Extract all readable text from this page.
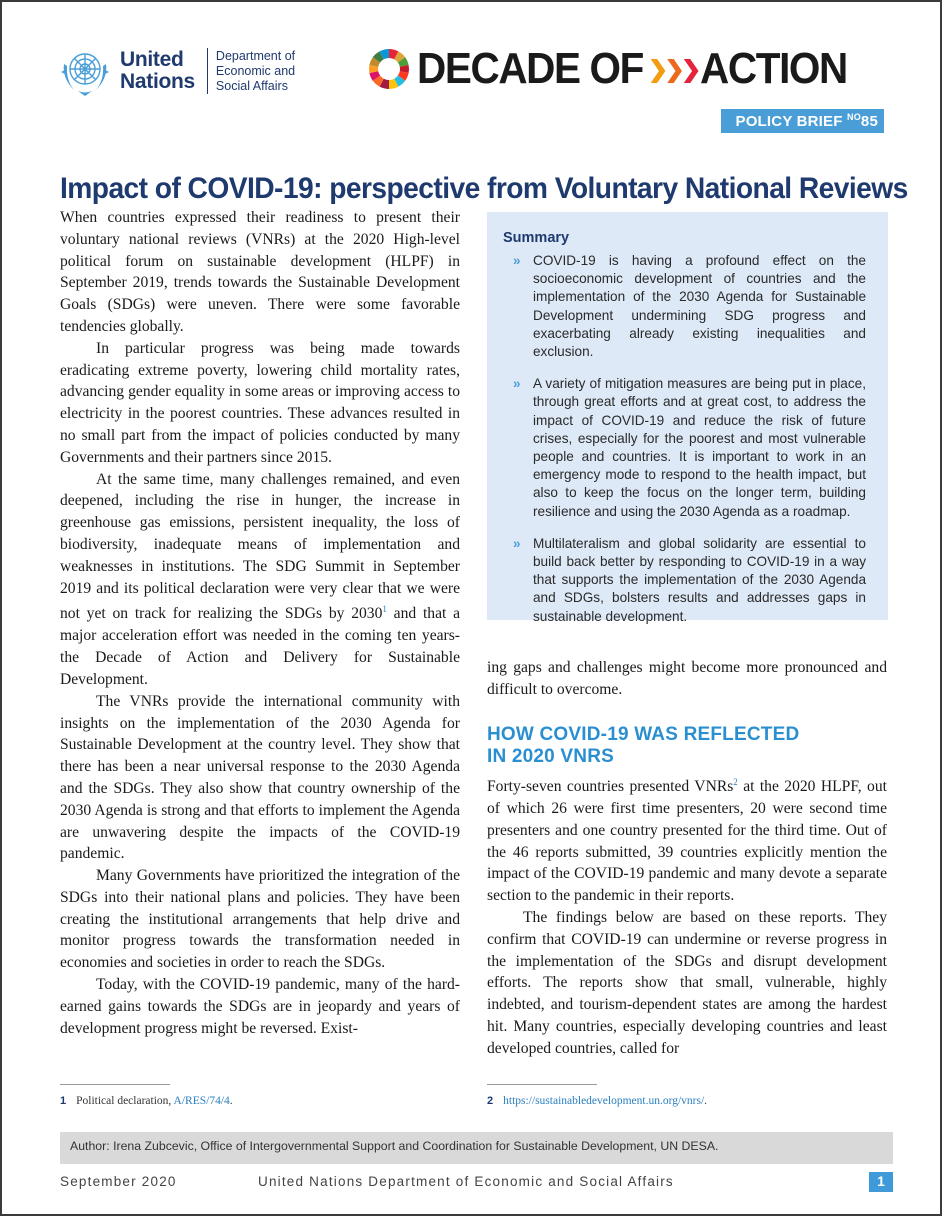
United
Nations
Department of
Economic and
Social Affairs	DECADE OF ACTION
POLICY BRIEF $^{NO}$85
Impact of COVID-19: perspective from Voluntary National Reviews

When countries expressed their readiness to present their voluntary national reviews (VNRs) at the 2020 High-level political forum on sustainable development (HLPF) in September 2019, trends towards the Sustainable Development Goals (SDGs) were uneven. There were some favorable tendencies globally.

In particular progress was being made towards eradicating extreme poverty, lowering child mortality rates, advancing gender equality in some areas or improving access to electricity in the poorest countries. These advances resulted in no small part from the impact of policies conducted by many Governments and their partners since 2015.

At the same time, many challenges remained, and even deepened, including the rise in hunger, the increase in greenhouse gas emissions, persistent inequality, the loss of biodiversity, inadequate means of implementation and weaknesses in institutions. The SDG Summit in September 2019 and its political declaration were very clear that we were not yet on track for realizing the SDGs by 2030$^1$ and that a major acceleration effort was needed in the coming ten years-the Decade of Action and Delivery for Sustainable Development.

The VNRs provide the international community with insights on the implementation of the 2030 Agenda for Sustainable Development at the country level. They show that there has been a near universal response to the 2030 Agenda and the SDGs. They also show that country ownership of the 2030 Agenda is strong and that efforts to implement the Agenda are unwavering despite the impacts of the COVID-19 pandemic.

Many Governments have prioritized the integration of the SDGs into their national plans and policies. They have been creating the institutional arrangements that help drive and monitor progress towards the transformation needed in economies and societies in order to reach the SDGs.

Today, with the COVID-19 pandemic, many of the hard-earned gains towards the SDGs are in jeopardy and years of development progress might be reversed. Exist-

Summary
» COVID-19 is having a profound effect on the socioeconomic development of countries and the implementation of the 2030 Agenda for Sustainable Development undermining SDG progress and exacerbating already existing inequalities and exclusion.
» A variety of mitigation measures are being put in place, through great efforts and at great cost, to address the impact of COVID-19 and reduce the risk of future crises, especially for the poorest and most vulnerable people and countries. It is important to work in an emergency mode to respond to the health impact, but also to keep the focus on the longer term, building resilience and using the 2030 Agenda as a roadmap.
» Multilateralism and global solidarity are essential to build back better by responding to COVID-19 in a way that supports the implementation of the 2030 Agenda and SDGs, bolsters results and addresses gaps in sustainable development.

ing gaps and challenges might become more pronounced and difficult to overcome.

HOW COVID-19 WAS REFLECTED
IN 2020 VNRS

Forty-seven countries presented VNRs$^2$ at the 2020 HLPF, out of which 26 were first time presenters, 20 were second time presenters and one country presented for the third time. Out of the 46 reports submitted, 39 countries explicitly mention the impact of the COVID-19 pandemic and many devote a separate section to the pandemic in their reports.

The findings below are based on these reports. They confirm that COVID-19 can undermine or reverse progress in the implementation of the SDGs and disrupt development efforts. The reports show that small, vulnerable, highly indebted, and tourism-dependent states are among the hardest hit. Many countries, especially developing countries and least developed countries, called for

1 Political declaration, A/RES/74/4.	2 https://sustainabledevelopment.un.org/vnrs/.
Author: Irena Zubcevic, Office of Intergovernmental Support and Coordination for Sustainable Development, UN DESA.
September 2020	United Nations Department of Economic and Social Affairs	1
